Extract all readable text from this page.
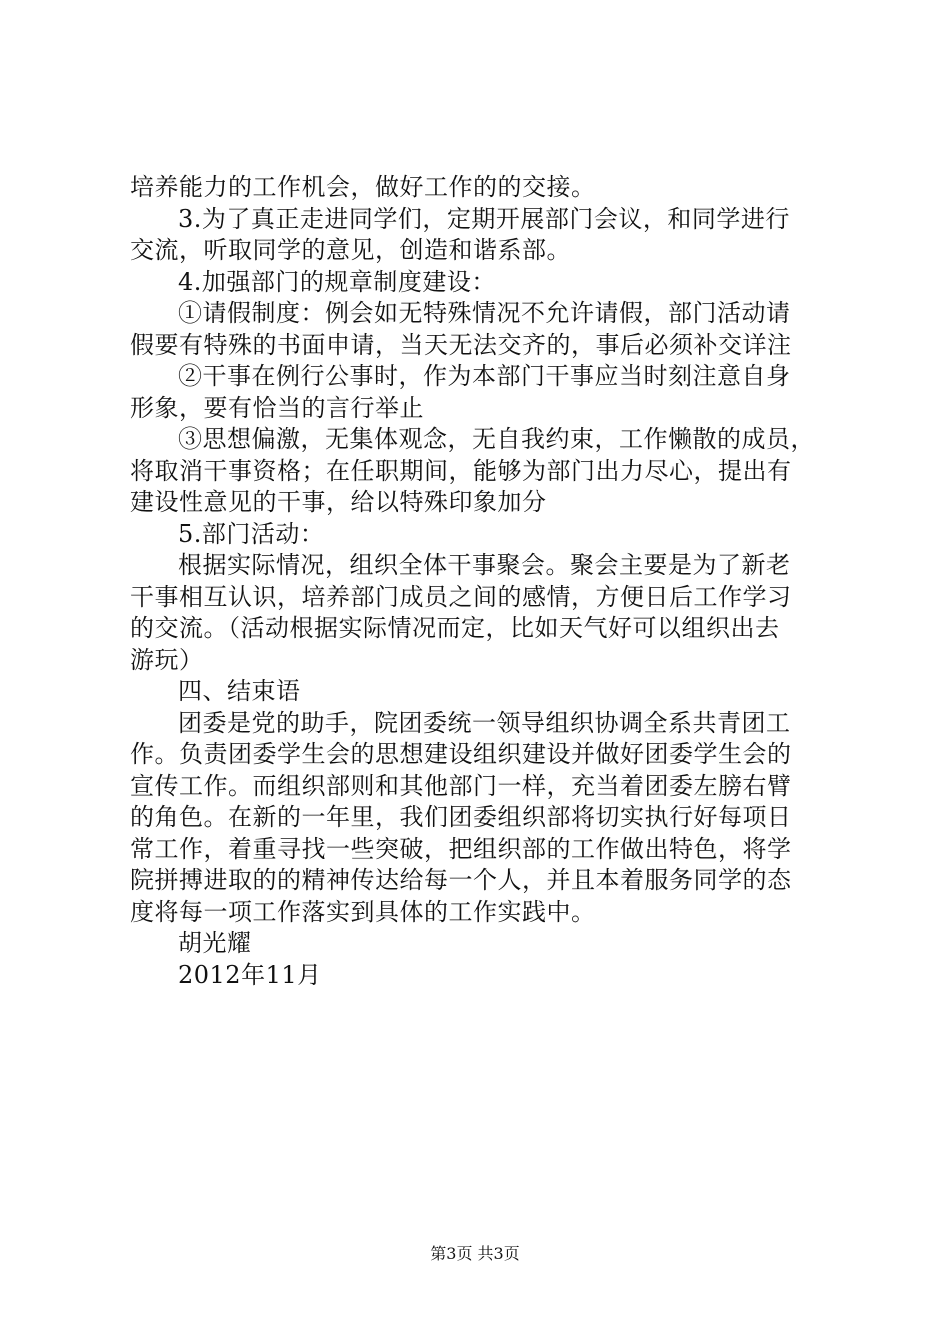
培养能力的工作机会，做好工作的的交接。
3.为了真正走进同学们，定期开展部门会议，和同学进行
交流，听取同学的意见，创造和谐系部。
4.加强部门的规章制度建设：
①请假制度：例会如无特殊情况不允许请假，部门活动请
假要有特殊的书面申请，当天无法交齐的，事后必须补交详注
②干事在例行公事时，作为本部门干事应当时刻注意自身
形象，要有恰当的言行举止
③思想偏激，无集体观念，无自我约束，工作懒散的成员，
将取消干事资格；在任职期间，能够为部门出力尽心，提出有
建设性意见的干事，给以特殊印象加分
5.部门活动：
根据实际情况，组织全体干事聚会。聚会主要是为了新老
干事相互认识，培养部门成员之间的感情，方便日后工作学习
的交流。（活动根据实际情况而定，比如天气好可以组织出去
游玩）
四、结束语
团委是党的助手，院团委统一领导组织协调全系共青团工
作。负责团委学生会的思想建设组织建设并做好团委学生会的
宣传工作。而组织部则和其他部门一样，充当着团委左膀右臂
的角色。在新的一年里，我们团委组织部将切实执行好每项日
常工作，着重寻找一些突破，把组织部的工作做出特色，将学
院拼搏进取的的精神传达给每一个人，并且本着服务同学的态
度将每一项工作落实到具体的工作实践中。
胡光耀
2012年11月
第3页 共3页
